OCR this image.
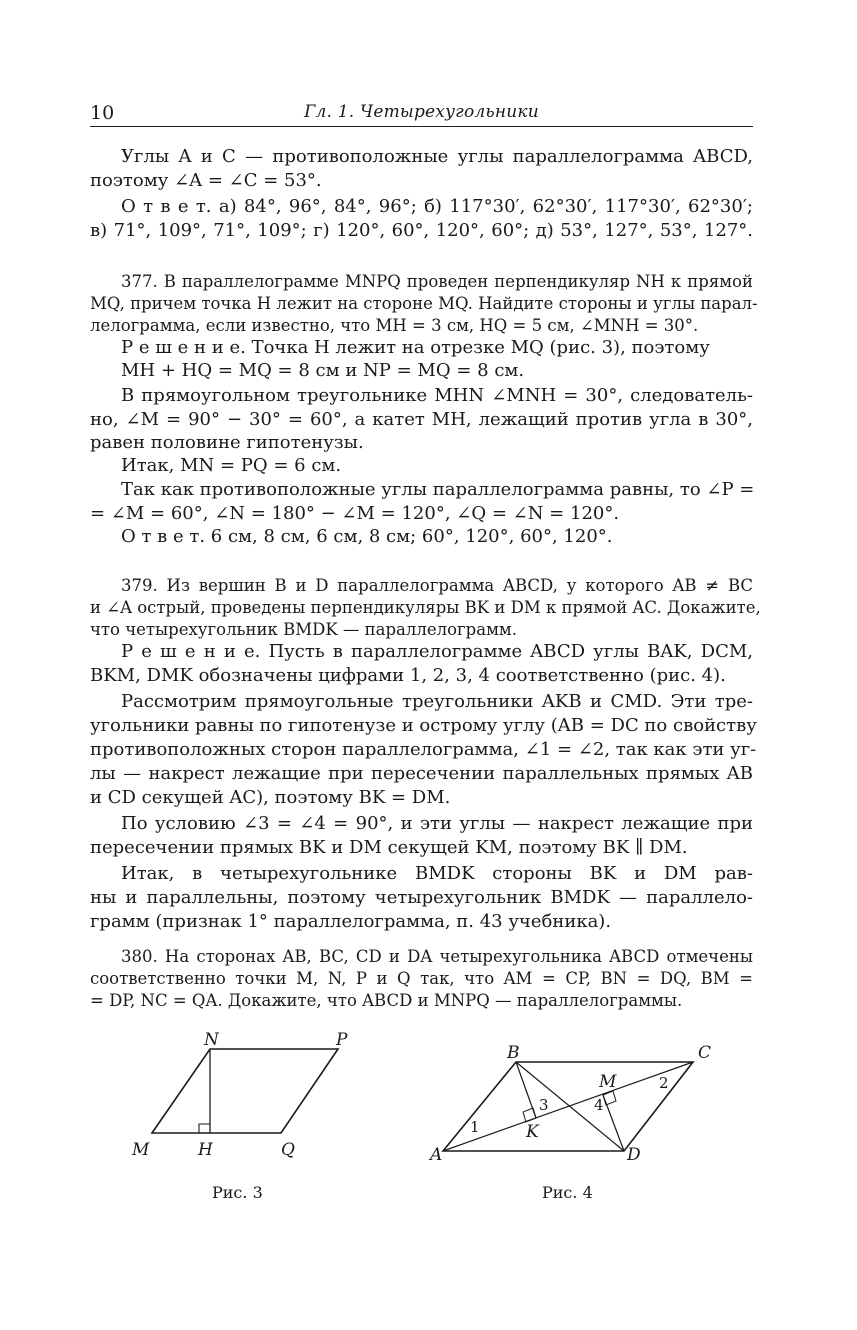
10	Гл. 1. Четырехугольники
Углы A и C — противоположные углы параллелограмма ABCD,
поэтому ∠A = ∠C = 53°.
О т в е т. а) 84°, 96°, 84°, 96°; б) 117°30′, 62°30′, 117°30′, 62°30′;
в) 71°, 109°, 71°, 109°; г) 120°, 60°, 120°, 60°; д) 53°, 127°, 53°, 127°.
377. В параллелограмме MNPQ проведен перпендикуляр NH к прямой
MQ, причем точка H лежит на стороне MQ. Найдите стороны и углы парал-
лелограмма, если известно, что MH = 3 см, HQ = 5 см, ∠MNH = 30°.
Р е ш е н и е. Точка H лежит на отрезке MQ (рис. 3), поэтому
MH + HQ = MQ = 8 см и NP = MQ = 8 см.
В прямоугольном треугольнике MHN ∠MNH = 30°, следователь-
но, ∠M = 90° − 30° = 60°, а катет MH, лежащий против угла в 30°,
равен половине гипотенузы.
Итак, MN = PQ = 6 см.
Так как противоположные углы параллелограмма равны, то ∠P =
= ∠M = 60°, ∠N = 180° − ∠M = 120°, ∠Q = ∠N = 120°.
О т в е т. 6 см, 8 см, 6 см, 8 см; 60°, 120°, 60°, 120°.
379. Из вершин B и D параллелограмма ABCD, у которого AB ≠ BC
и ∠A острый, проведены перпендикуляры BK и DM к прямой AC. Докажите,
что четырехугольник BMDK — параллелограмм.
Р е ш е н и е. Пусть в параллелограмме ABCD углы BAK, DCM,
BKM, DMK обозначены цифрами 1, 2, 3, 4 соответственно (рис. 4).
Рассмотрим прямоугольные треугольники AKB и CMD. Эти тре-
угольники равны по гипотенузе и острому углу (AB = DC по свойству
противоположных сторон параллелограмма, ∠1 = ∠2, так как эти уг-
лы — накрест лежащие при пересечении параллельных прямых AB
и CD секущей AC), поэтому BK = DM.
По условию ∠3 = ∠4 = 90°, и эти углы — накрест лежащие при
пересечении прямых BK и DM секущей KM, поэтому BK ∥ DM.
Итак, в четырехугольнике BMDK стороны BK и DM рав-
ны и параллельны, поэтому четырехугольник BMDK — параллело-
грамм (признак 1° параллелограмма, п. 43 учебника).
380. На сторонах AB, BC, CD и DA четырехугольника ABCD отмечены
соответственно точки M, N, P и Q так, что AM = CP, BN = DQ, BM =
= DP, NC = QA. Докажите, что ABCD и MNPQ — параллелограммы.
N	P
M	H	Q
Рис. 3
B	C
M
A
K
D
1
2
3	4
Рис. 4
